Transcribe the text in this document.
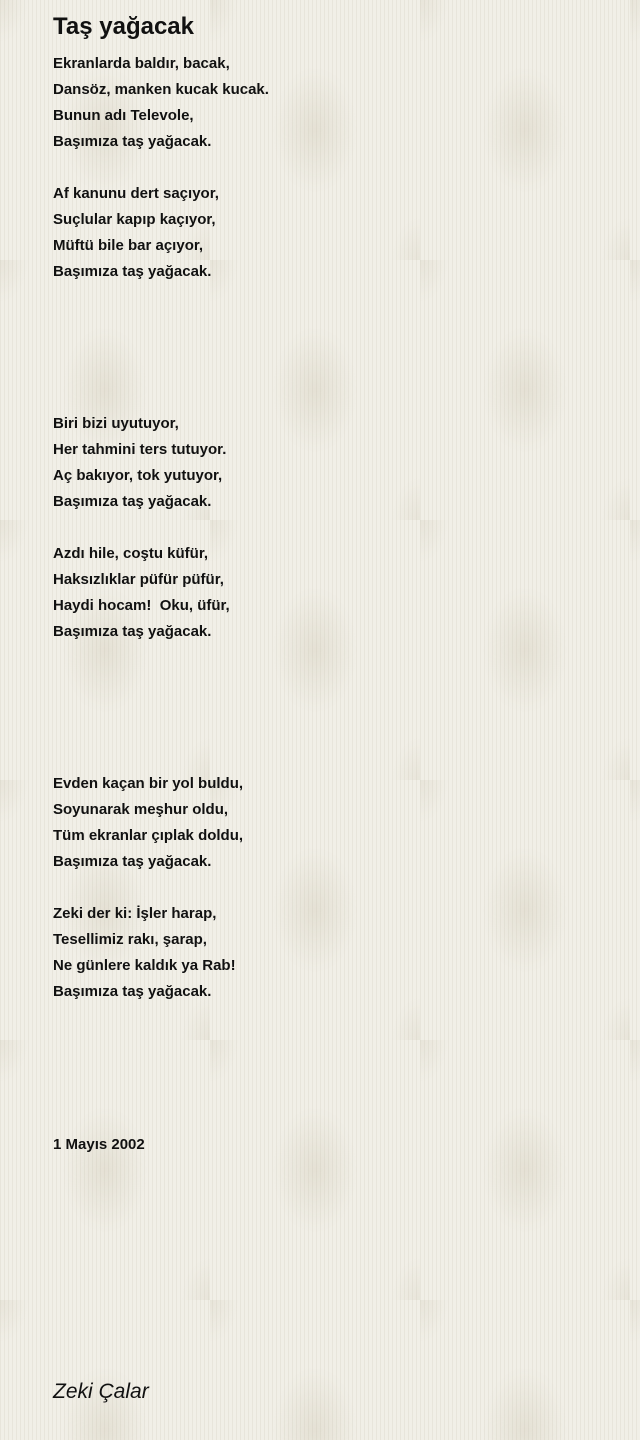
Taş yağacak
Ekranlarda baldır, bacak,
Dansöz, manken kucak kucak.
Bunun adı Televole,
Başımıza taş yağacak.
Af kanunu dert saçıyor,
Suçlular kapıp kaçıyor,
Müftü bile bar açıyor,
Başımıza taş yağacak.
Biri bizi uyutuyor,
Her tahmini ters tutuyor.
Aç bakıyor, tok yutuyor,
Başımıza taş yağacak.
Azdı hile, coştu küfür,
Haksızlıklar püfür püfür,
Haydi hocam!  Oku, üfür,
Başımıza taş yağacak.
Evden kaçan bir yol buldu,
Soyunarak meşhur oldu,
Tüm ekranlar çıplak doldu,
Başımıza taş yağacak.
Zeki der ki: İşler harap,
Tesellimiz rakı, şarap,
Ne günlere kaldık ya Rab!
Başımıza taş yağacak.
1 Mayıs 2002
Zeki Çalar
